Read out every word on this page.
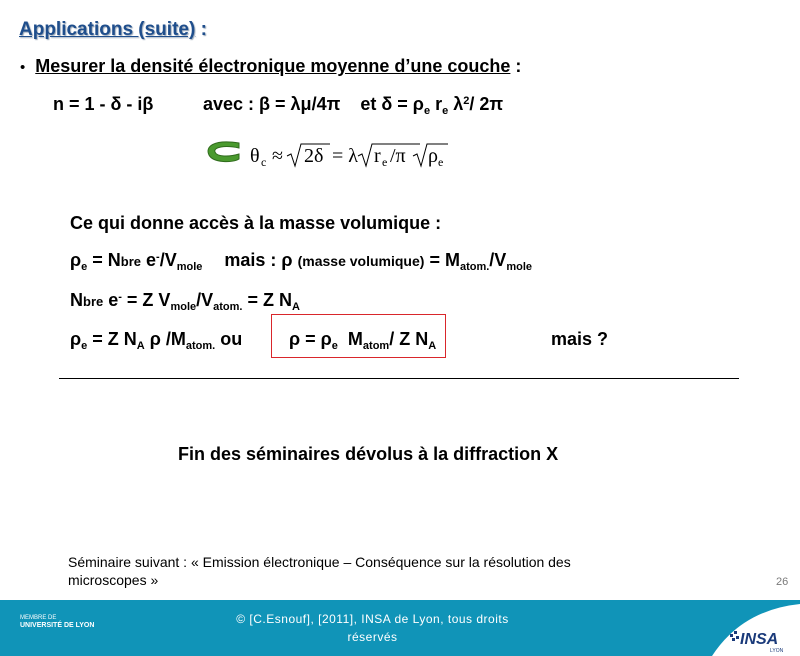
Applications (suite) :
• Mesurer la densité électronique moyenne d’une couche :
n = 1 - δ - iβ	avec : β = λμ/4π et $\delta = \rho_e$ $r_e$ $\lambda^2/$ 2π
θ c ≈ 2δ = λ r e /π ρ e
Ce qui donne accès à la masse volumique :
$\rho_e$ = Nbre $e^-/V_{mole}$ mais : ρ (masse volumique) = $M_{atom.}/V_{mole}$
Nbre e- = Z $V_{mole}/V_{atom.} = Z$ $N_A$
$\rho_e = Z$ $N_A$ ρ $/M_{atom.}$ ou	$\rho = \rho_e$  $M_{atom}/$ Z $N_A$	mais ?
Fin des séminaires dévolus à la diffraction X
Séminaire suivant : « Emission électronique – Conséquence sur la résolution des
microscopes »	26
MEMBRE DE
UNIVERSITÉ DE LYON	© [C.Esnouf], [2011], INSA de Lyon, tous droits
réservés	INSA
LYON
